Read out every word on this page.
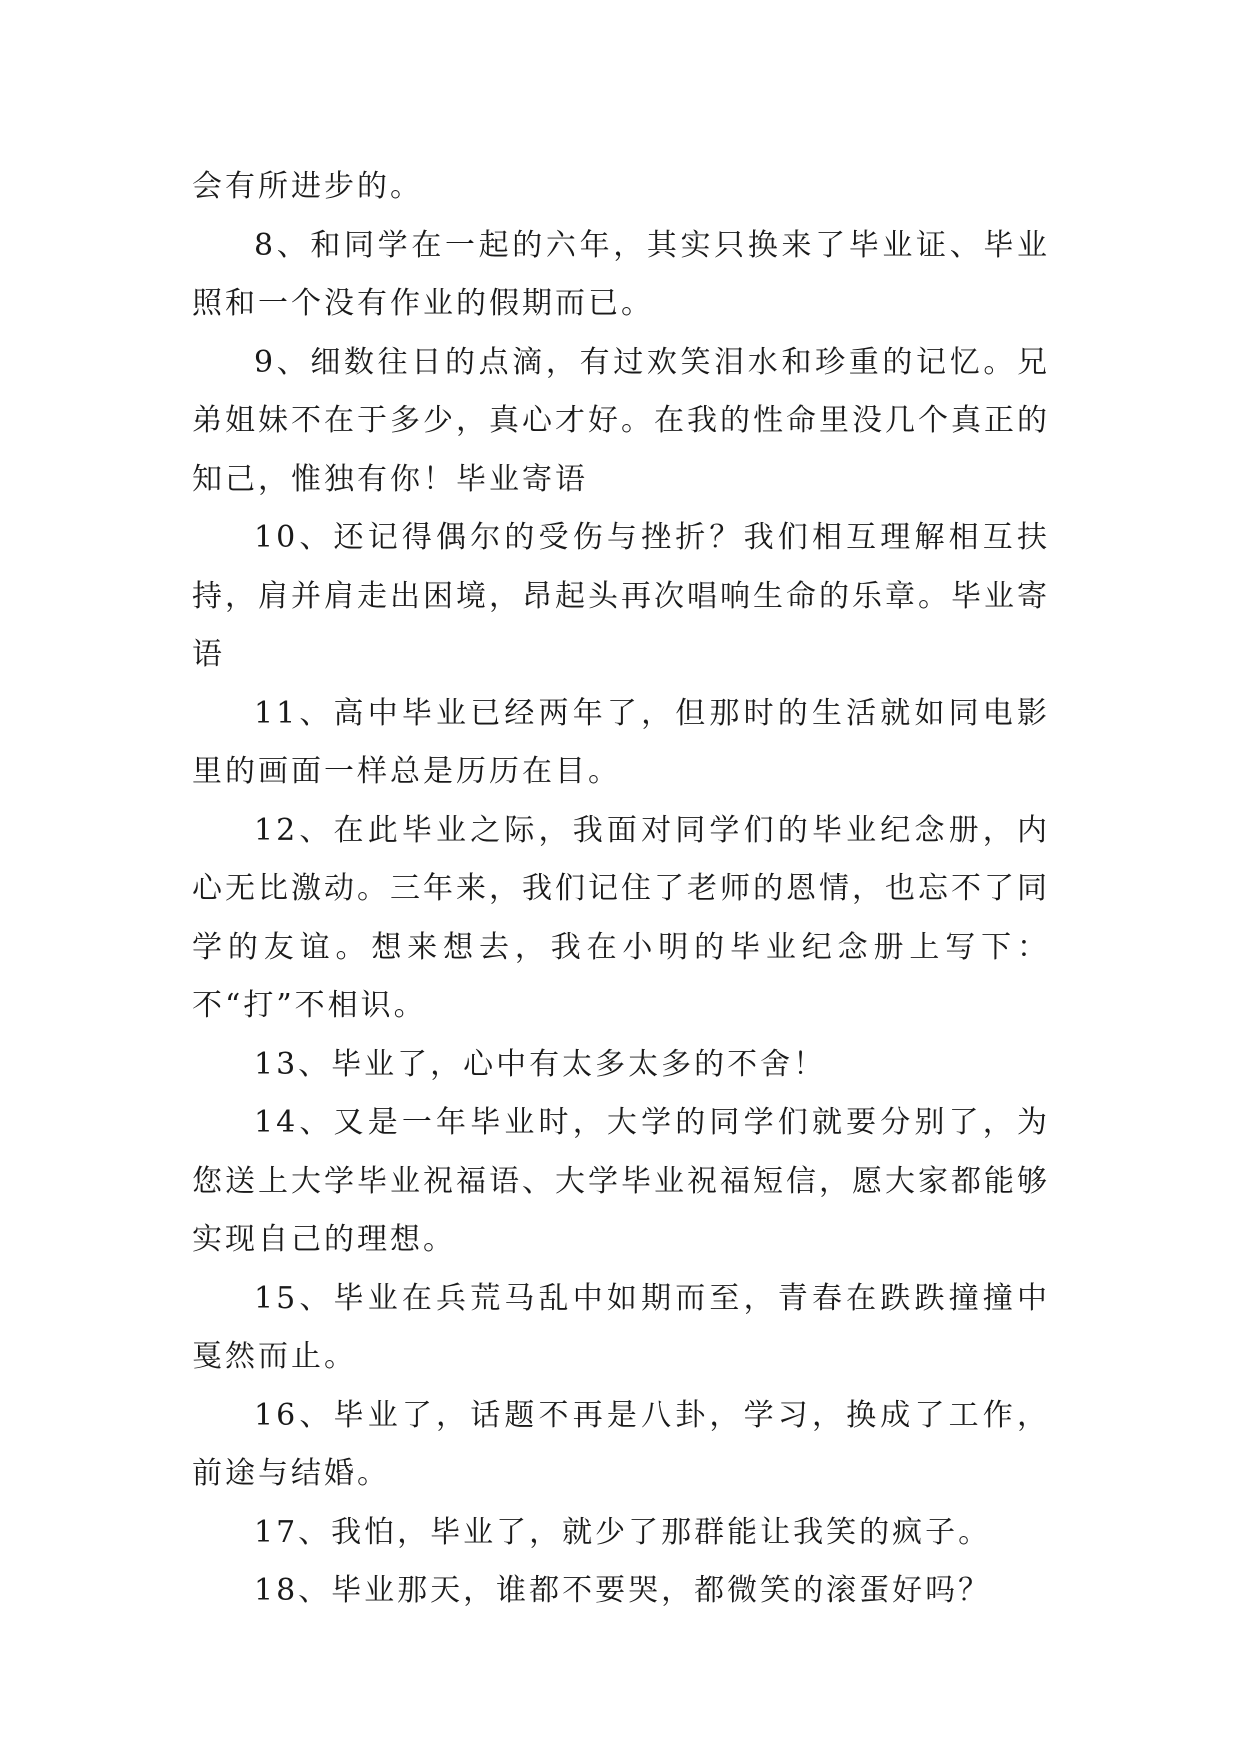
会有所进步的。

8、和同学在一起的六年，其实只换来了毕业证、毕业照和一个没有作业的假期而已。

9、细数往日的点滴，有过欢笑泪水和珍重的记忆。兄弟姐妹不在于多少，真心才好。在我的性命里没几个真正的知己，惟独有你！毕业寄语

10、还记得偶尔的受伤与挫折？我们相互理解相互扶持，肩并肩走出困境，昂起头再次唱响生命的乐章。毕业寄语

11、高中毕业已经两年了，但那时的生活就如同电影里的画面一样总是历历在目。

12、在此毕业之际，我面对同学们的毕业纪念册，内心无比激动。三年来，我们记住了老师的恩情，也忘不了同学的友谊。想来想去，我在小明的毕业纪念册上写下：不“打”不相识。

13、毕业了，心中有太多太多的不舍！

14、又是一年毕业时，大学的同学们就要分别了，为您送上大学毕业祝福语、大学毕业祝福短信，愿大家都能够实现自己的理想。

15、毕业在兵荒马乱中如期而至，青春在跌跌撞撞中戛然而止。

16、毕业了，话题不再是八卦，学习，换成了工作，前途与结婚。

17、我怕，毕业了，就少了那群能让我笑的疯子。

18、毕业那天，谁都不要哭，都微笑的滚蛋好吗？
